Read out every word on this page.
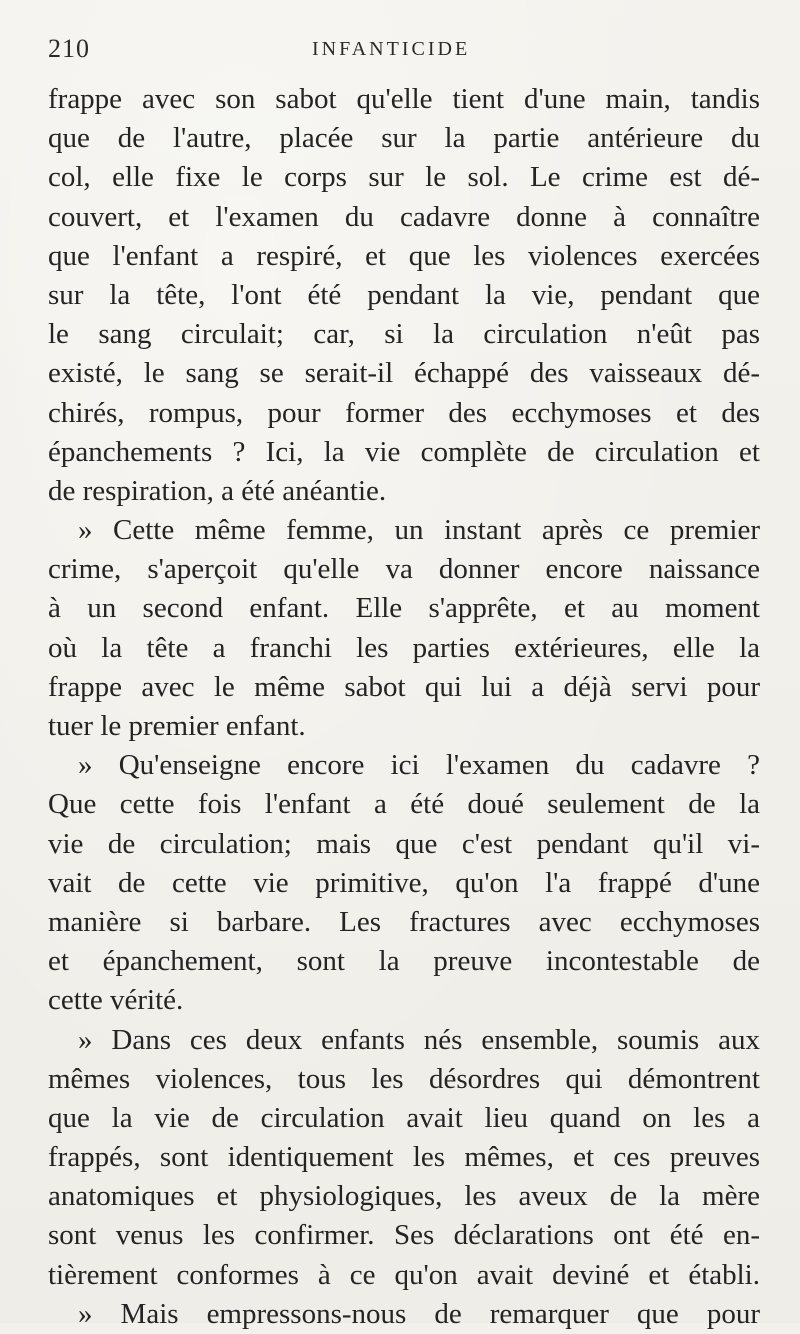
210	INFANTICIDE
frappe avec son sabot qu'elle tient d'une main, tandis
que de l'autre, placée sur la partie antérieure du
col, elle fixe le corps sur le sol. Le crime est dé-
couvert, et l'examen du cadavre donne à connaître
que l'enfant a respiré, et que les violences exercées
sur la tête, l'ont été pendant la vie, pendant que
le sang circulait; car, si la circulation n'eût pas
existé, le sang se serait-il échappé des vaisseaux dé-
chirés, rompus, pour former des ecchymoses et des
épanchements ? Ici, la vie complète de circulation et
de respiration, a été anéantie.
» Cette même femme, un instant après ce premier
crime, s'aperçoit qu'elle va donner encore naissance
à un second enfant. Elle s'apprête, et au moment
où la tête a franchi les parties extérieures, elle la
frappe avec le même sabot qui lui a déjà servi pour
tuer le premier enfant.
» Qu'enseigne encore ici l'examen du cadavre ?
Que cette fois l'enfant a été doué seulement de la
vie de circulation; mais que c'est pendant qu'il vi-
vait de cette vie primitive, qu'on l'a frappé d'une
manière si barbare. Les fractures avec ecchymoses
et épanchement, sont la preuve incontestable de
cette vérité.
» Dans ces deux enfants nés ensemble, soumis aux
mêmes violences, tous les désordres qui démontrent
que la vie de circulation avait lieu quand on les a
frappés, sont identiquement les mêmes, et ces preuves
anatomiques et physiologiques, les aveux de la mère
sont venus les confirmer. Ses déclarations ont été en-
tièrement conformes à ce qu'on avait deviné et établi.
» Mais empressons-nous de remarquer que pour
